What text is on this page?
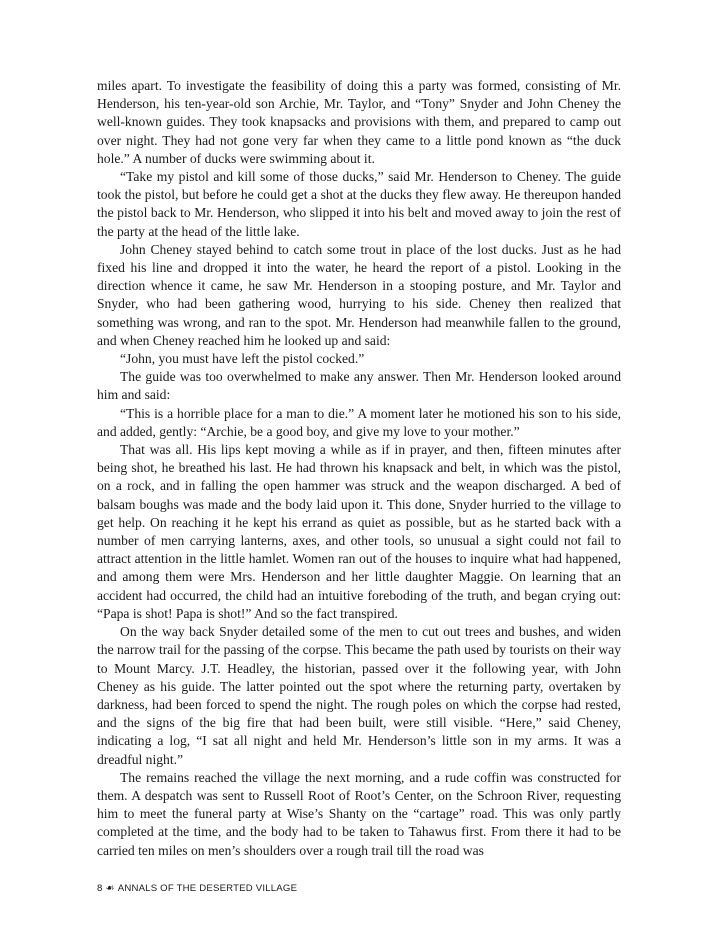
miles apart. To investigate the feasibility of doing this a party was formed, consisting of Mr. Henderson, his ten-year-old son Archie, Mr. Taylor, and “Tony” Snyder and John Cheney the well-known guides. They took knapsacks and provisions with them, and prepared to camp out over night. They had not gone very far when they came to a little pond known as “the duck hole.” A number of ducks were swimming about it.

“Take my pistol and kill some of those ducks,” said Mr. Henderson to Cheney. The guide took the pistol, but before he could get a shot at the ducks they flew away. He thereupon handed the pistol back to Mr. Henderson, who slipped it into his belt and moved away to join the rest of the party at the head of the little lake.

John Cheney stayed behind to catch some trout in place of the lost ducks. Just as he had fixed his line and dropped it into the water, he heard the report of a pistol. Looking in the direction whence it came, he saw Mr. Henderson in a stooping posture, and Mr. Taylor and Snyder, who had been gathering wood, hurrying to his side. Cheney then realized that something was wrong, and ran to the spot. Mr. Henderson had meanwhile fallen to the ground, and when Cheney reached him he looked up and said:

“John, you must have left the pistol cocked.”

The guide was too overwhelmed to make any answer. Then Mr. Henderson looked around him and said:

“This is a horrible place for a man to die.” A moment later he motioned his son to his side, and added, gently: “Archie, be a good boy, and give my love to your mother.”

That was all. His lips kept moving a while as if in prayer, and then, fifteen minutes after being shot, he breathed his last. He had thrown his knapsack and belt, in which was the pistol, on a rock, and in falling the open hammer was struck and the weapon discharged. A bed of balsam boughs was made and the body laid upon it. This done, Snyder hurried to the village to get help. On reaching it he kept his errand as quiet as possible, but as he started back with a number of men carrying lanterns, axes, and other tools, so unusual a sight could not fail to attract attention in the little hamlet. Women ran out of the houses to inquire what had happened, and among them were Mrs. Henderson and her little daughter Maggie. On learning that an accident had occurred, the child had an intuitive foreboding of the truth, and began crying out: “Papa is shot! Papa is shot!” And so the fact transpired.

On the way back Snyder detailed some of the men to cut out trees and bushes, and widen the narrow trail for the passing of the corpse. This became the path used by tourists on their way to Mount Marcy. J.T. Headley, the historian, passed over it the following year, with John Cheney as his guide. The latter pointed out the spot where the returning party, overtaken by darkness, had been forced to spend the night. The rough poles on which the corpse had rested, and the signs of the big fire that had been built, were still visible. “Here,” said Cheney, indicating a log, “I sat all night and held Mr. Henderson’s little son in my arms. It was a dreadful night.”

The remains reached the village the next morning, and a rude coffin was constructed for them. A despatch was sent to Russell Root of Root’s Center, on the Schroon River, requesting him to meet the funeral party at Wise’s Shanty on the “cartage” road. This was only partly completed at the time, and the body had to be taken to Tahawus first. From there it had to be carried ten miles on men’s shoulders over a rough trail till the road was

8 ☙ ANNALS OF THE DESERTED VILLAGE
